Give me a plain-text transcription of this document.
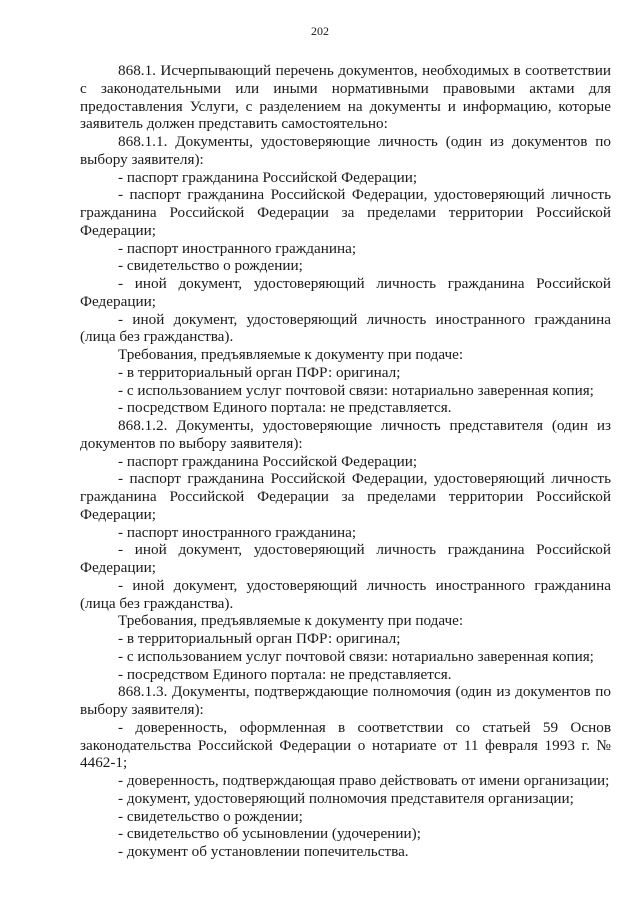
202

868.1. Исчерпывающий перечень документов, необходимых в соответствии с законодательными или иными нормативными правовыми актами для предоставления Услуги, с разделением на документы и информацию, которые заявитель должен представить самостоятельно:

868.1.1. Документы, удостоверяющие личность (один из документов по выбору заявителя):

- паспорт гражданина Российской Федерации;

- паспорт гражданина Российской Федерации, удостоверяющий личность гражданина Российской Федерации за пределами территории Российской Федерации;

- паспорт иностранного гражданина;

- свидетельство о рождении;

- иной документ, удостоверяющий личность гражданина Российской Федерации;

- иной документ, удостоверяющий личность иностранного гражданина (лица без гражданства).

Требования, предъявляемые к документу при подаче:

- в территориальный орган ПФР: оригинал;

- с использованием услуг почтовой связи: нотариально заверенная копия;

- посредством Единого портала: не представляется.

868.1.2. Документы, удостоверяющие личность представителя (один из документов по выбору заявителя):

- паспорт гражданина Российской Федерации;

- паспорт гражданина Российской Федерации, удостоверяющий личность гражданина Российской Федерации за пределами территории Российской Федерации;

- паспорт иностранного гражданина;

- иной документ, удостоверяющий личность гражданина Российской Федерации;

- иной документ, удостоверяющий личность иностранного гражданина (лица без гражданства).

Требования, предъявляемые к документу при подаче:

- в территориальный орган ПФР: оригинал;

- с использованием услуг почтовой связи: нотариально заверенная копия;

- посредством Единого портала: не представляется.

868.1.3. Документы, подтверждающие полномочия (один из документов по выбору заявителя):

- доверенность, оформленная в соответствии со статьей 59 Основ законодательства Российской Федерации о нотариате от 11 февраля 1993 г. № 4462-1;

- доверенность, подтверждающая право действовать от имени организации;

- документ, удостоверяющий полномочия представителя организации;

- свидетельство о рождении;

- свидетельство об усыновлении (удочерении);

- документ об установлении попечительства.
